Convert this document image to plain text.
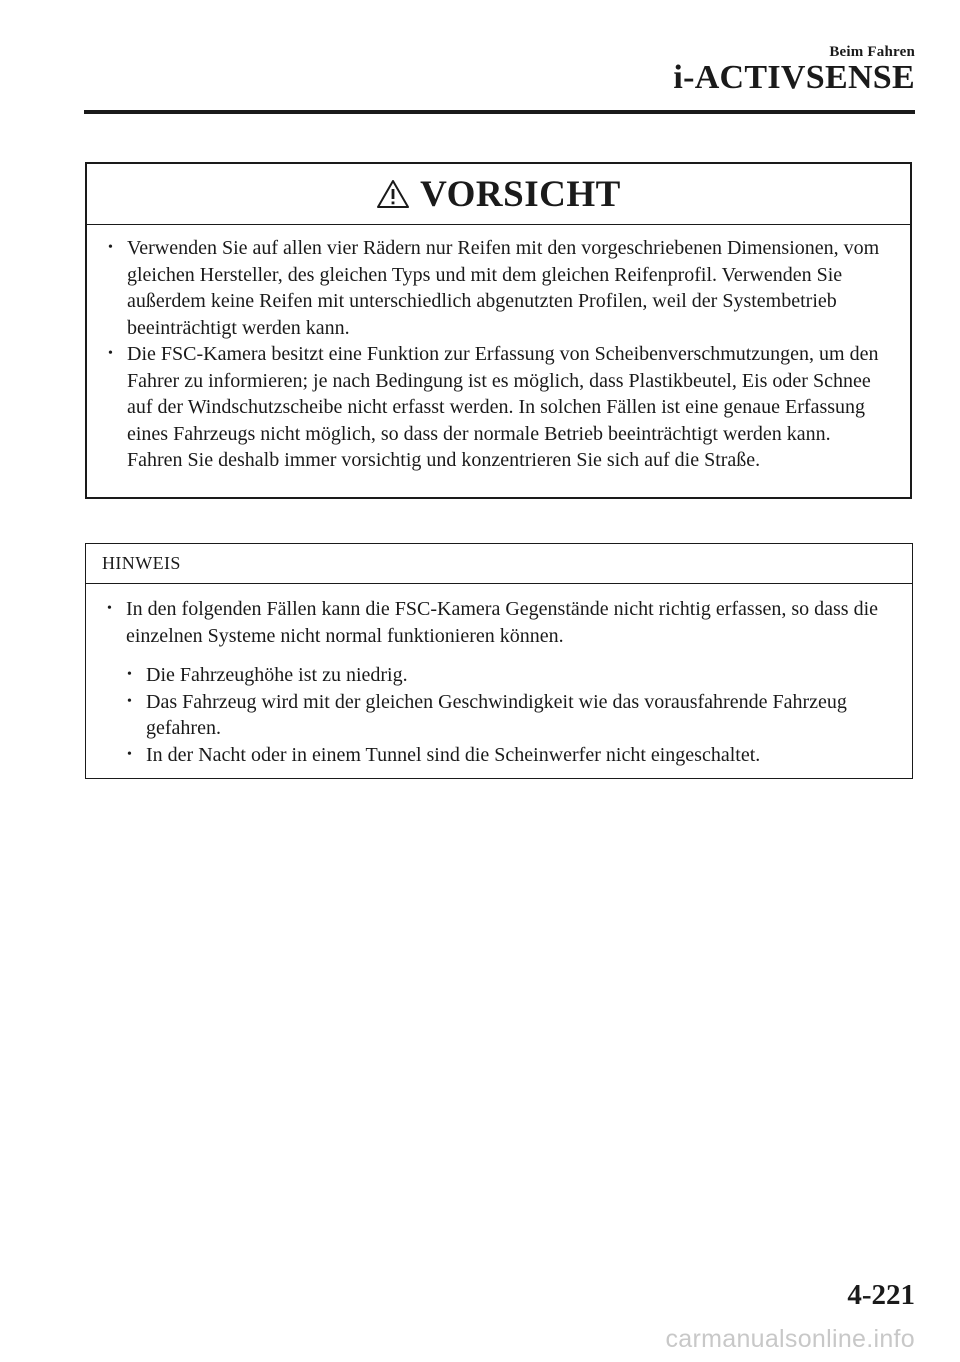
Beim Fahren
i-ACTIVSENSE
VORSICHT
• Verwenden Sie auf allen vier Rädern nur Reifen mit den vorgeschriebenen Dimensionen, vom gleichen Hersteller, des gleichen Typs und mit dem gleichen Reifenprofil. Verwenden Sie außerdem keine Reifen mit unterschiedlich abgenutzten Profilen, weil der Systembetrieb beeinträchtigt werden kann.
• Die FSC-Kamera besitzt eine Funktion zur Erfassung von Scheibenverschmutzungen, um den Fahrer zu informieren; je nach Bedingung ist es möglich, dass Plastikbeutel, Eis oder Schnee auf der Windschutzscheibe nicht erfasst werden. In solchen Fällen ist eine genaue Erfassung eines Fahrzeugs nicht möglich, so dass der normale Betrieb beeinträchtigt werden kann. Fahren Sie deshalb immer vorsichtig und konzentrieren Sie sich auf die Straße.
HINWEIS
• In den folgenden Fällen kann die FSC-Kamera Gegenstände nicht richtig erfassen, so dass die einzelnen Systeme nicht normal funktionieren können.
• Die Fahrzeughöhe ist zu niedrig.
• Das Fahrzeug wird mit der gleichen Geschwindigkeit wie das vorausfahrende Fahrzeug gefahren.
• In der Nacht oder in einem Tunnel sind die Scheinwerfer nicht eingeschaltet.
4-221
carmanualsonline.info
